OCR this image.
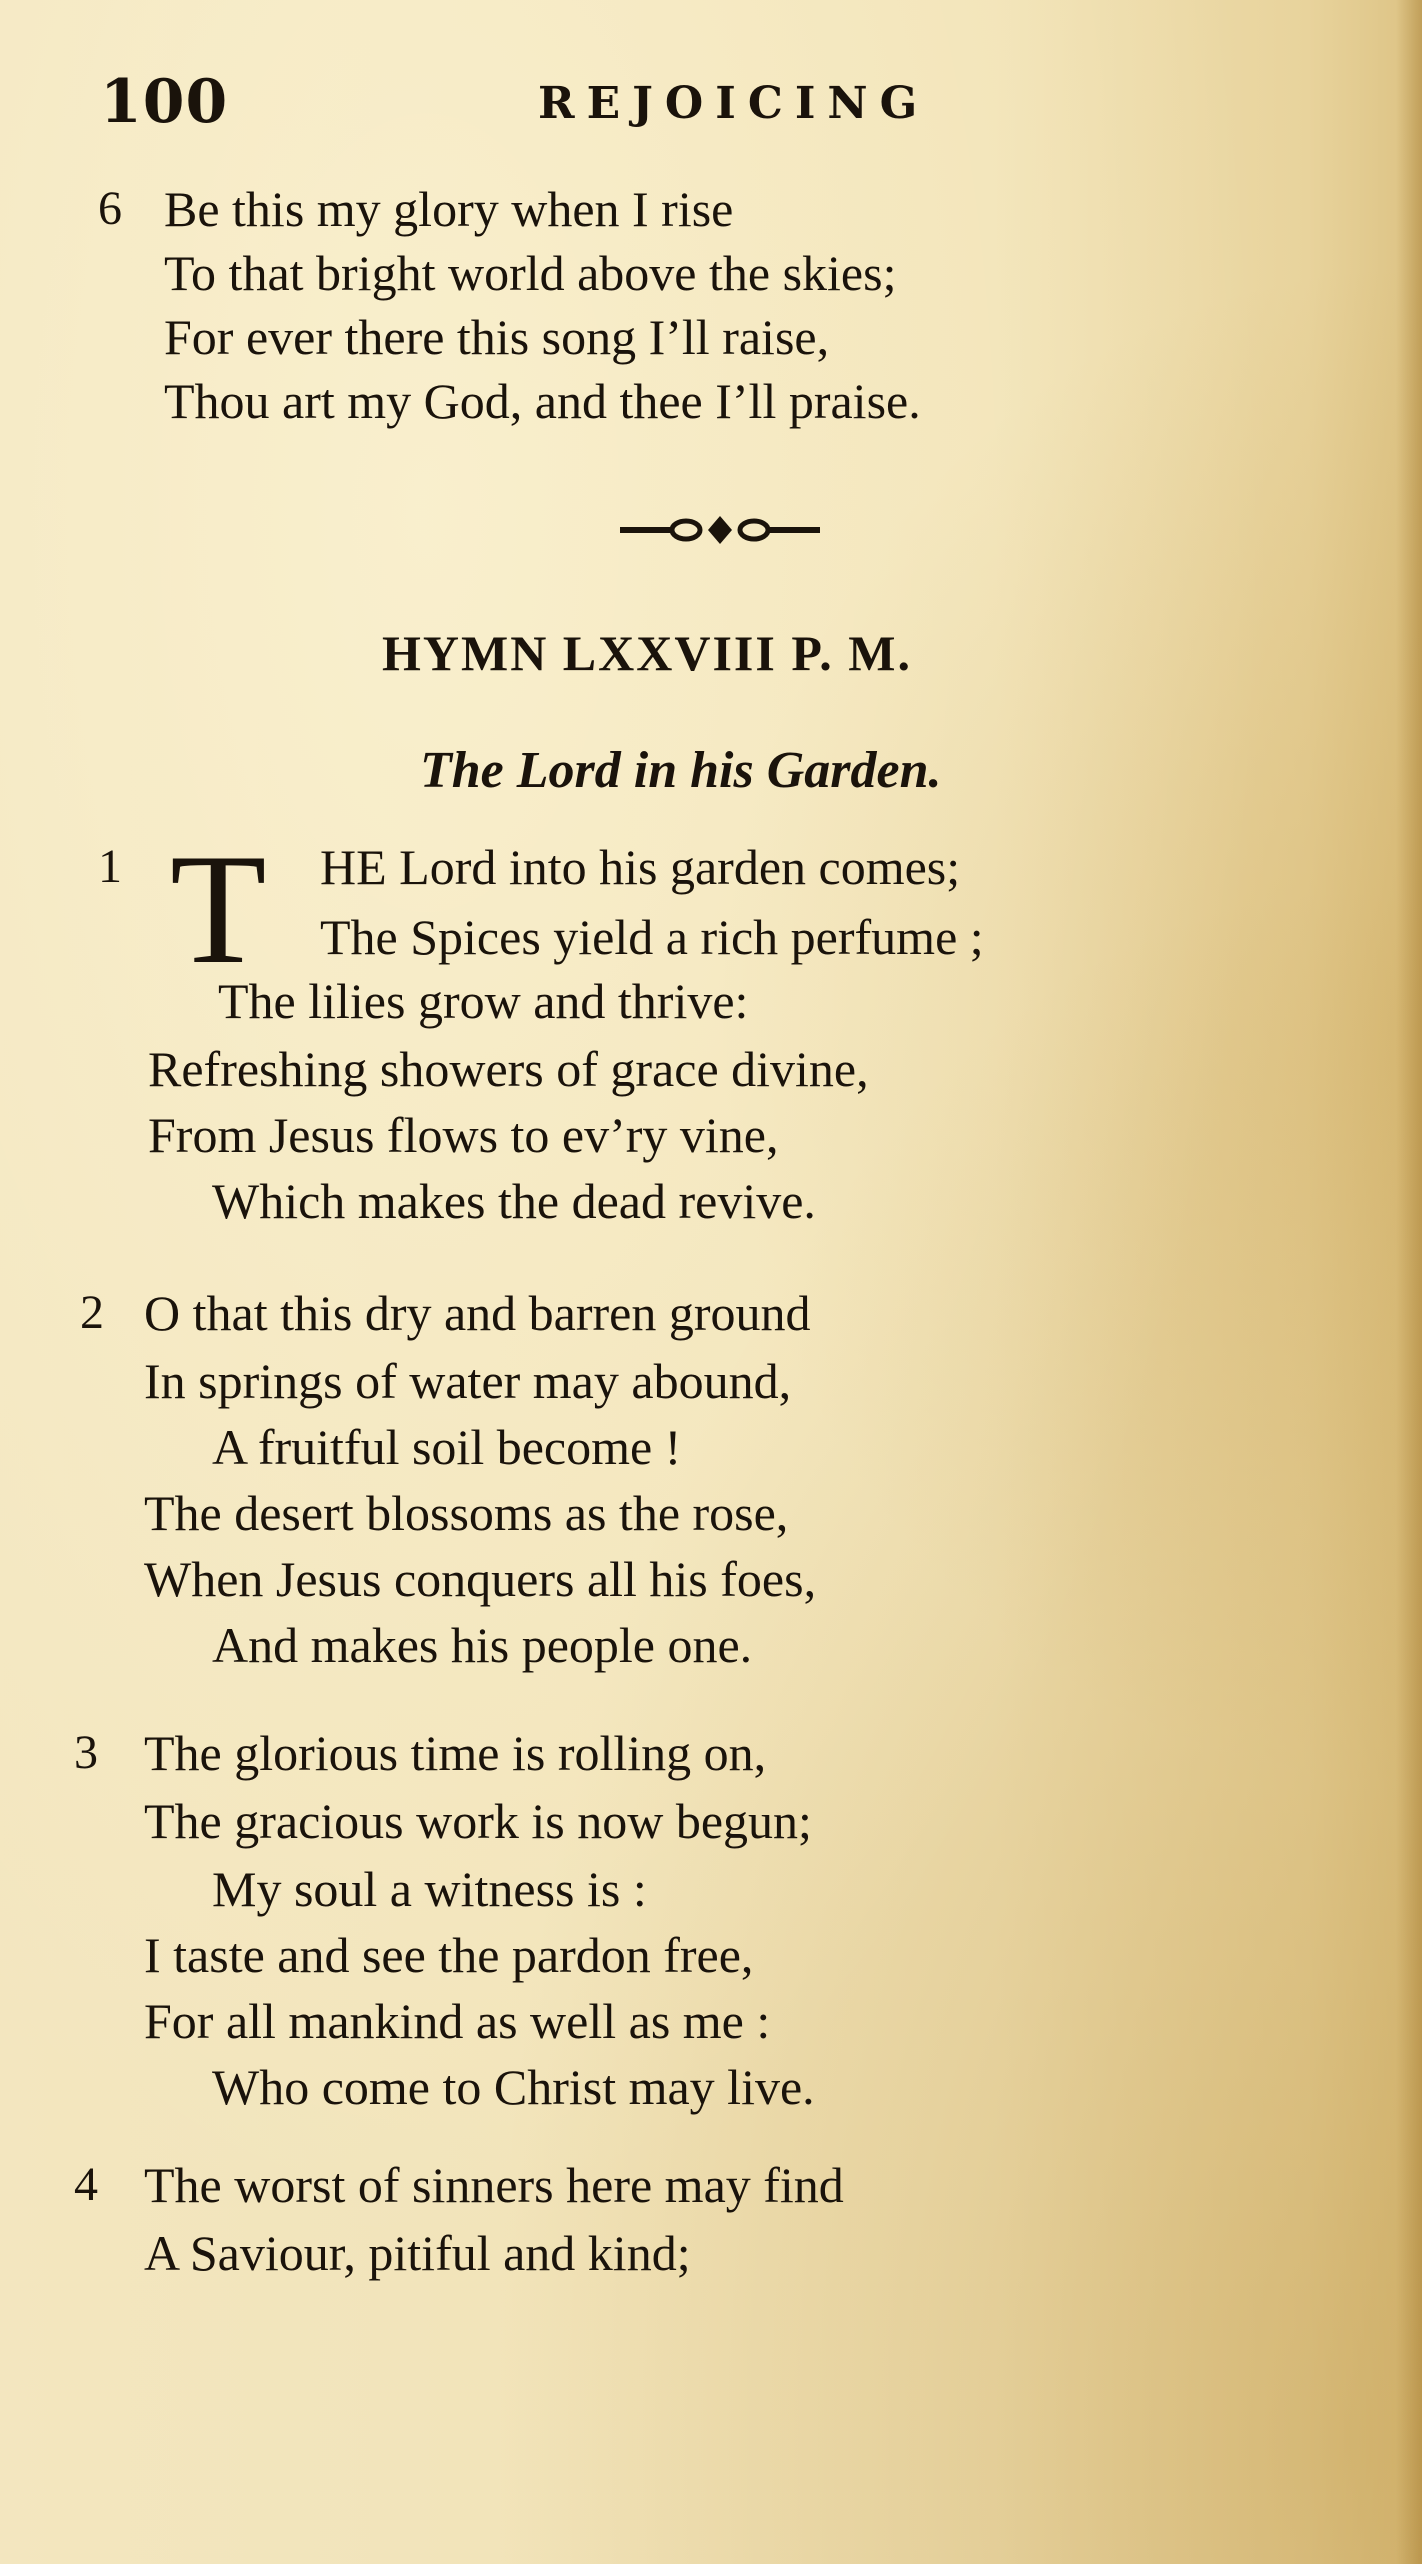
100	REJOICING
6 Be this my glory when I rise
To that bright world above the skies;
For ever there this song I’ll raise,
Thou art my God, and thee I’ll praise.
HYMN LXXVIII P. M.
The Lord in his Garden.
1 T HE Lord into his garden comes;
The Spices yield a rich perfume ;
The lilies grow and thrive:
Refreshing showers of grace divine,
From Jesus flows to ev’ry vine,
Which makes the dead revive.
2 O that this dry and barren ground
In springs of water may abound,
A fruitful soil become !
The desert blossoms as the rose,
When Jesus conquers all his foes,
And makes his people one.
3 The glorious time is rolling on,
The gracious work is now begun;
My soul a witness is :
I taste and see the pardon free,
For all mankind as well as me :
Who come to Christ may live.
4 The worst of sinners here may find
A Saviour, pitiful and kind;
